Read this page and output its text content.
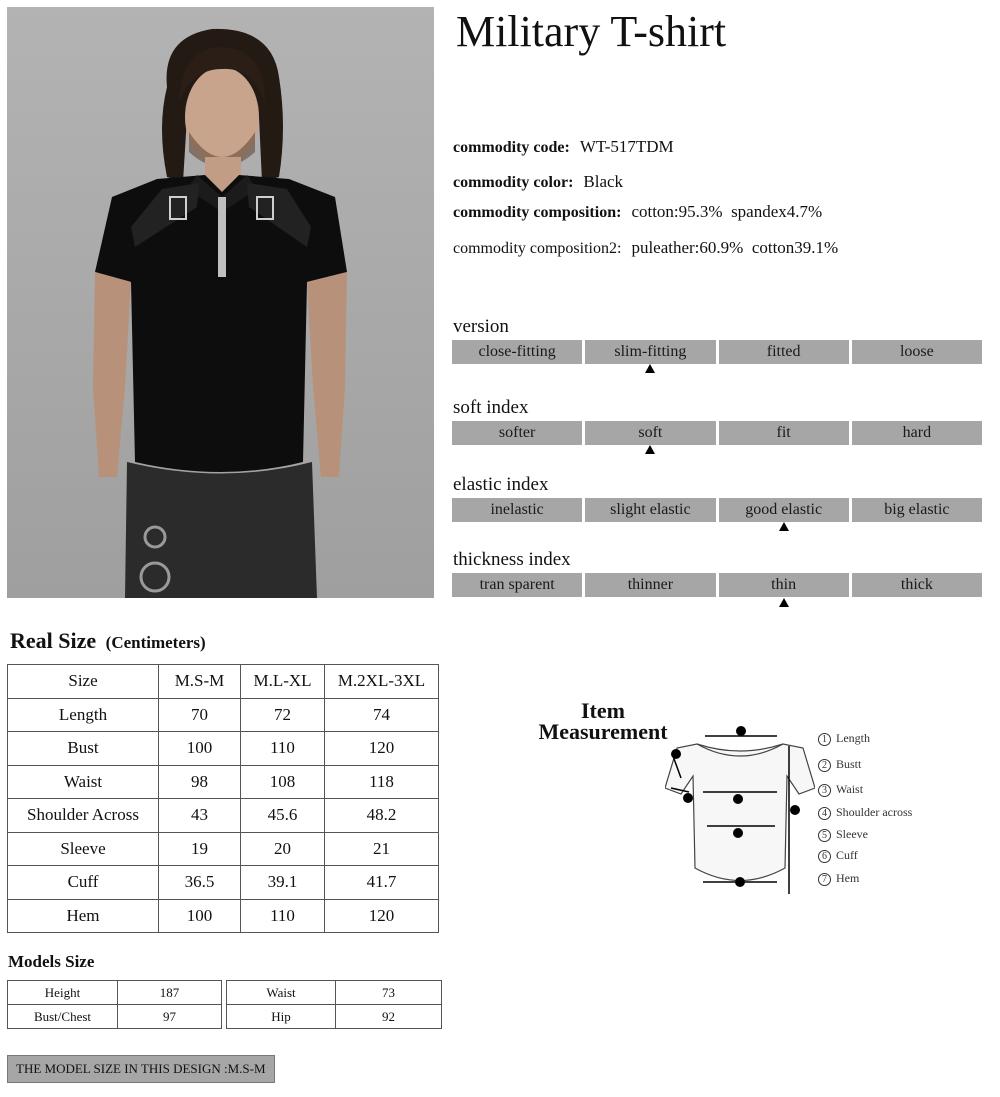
Military T-shirt
commodity code: WT-517TDM
commodity color: Black
commodity composition: cotton:95.3%  spandex4.7%
commodity composition2: puleather:60.9%  cotton39.1%
version
close-fitting	slim-fitting	fitted	loose
soft index
softer	soft	fit	hard
elastic index
inelastic	slight elastic	good elastic	big elastic
thickness index
tran sparent	thinner	thin	thick
Real Size (Centimeters)
Size	M.S-M	M.L-XL	M.2XL-3XL
Length	70	72	74
Bust	100	110	120
Waist	98	108	118
Shoulder Across	43	45.6	48.2
Sleeve	19	20	21
Cuff	36.5	39.1	41.7
Hem	100	110	120
Models Size
Height	187
Bust/Chest	97
Waist	73
Hip	92
THE MODEL SIZE IN THIS DESIGN :M.S-M
Item
Measurement	1 Length
2 Bustt
3 Waist
4 Shoulder across
5 Sleeve
6 Cuff
7 Hem
